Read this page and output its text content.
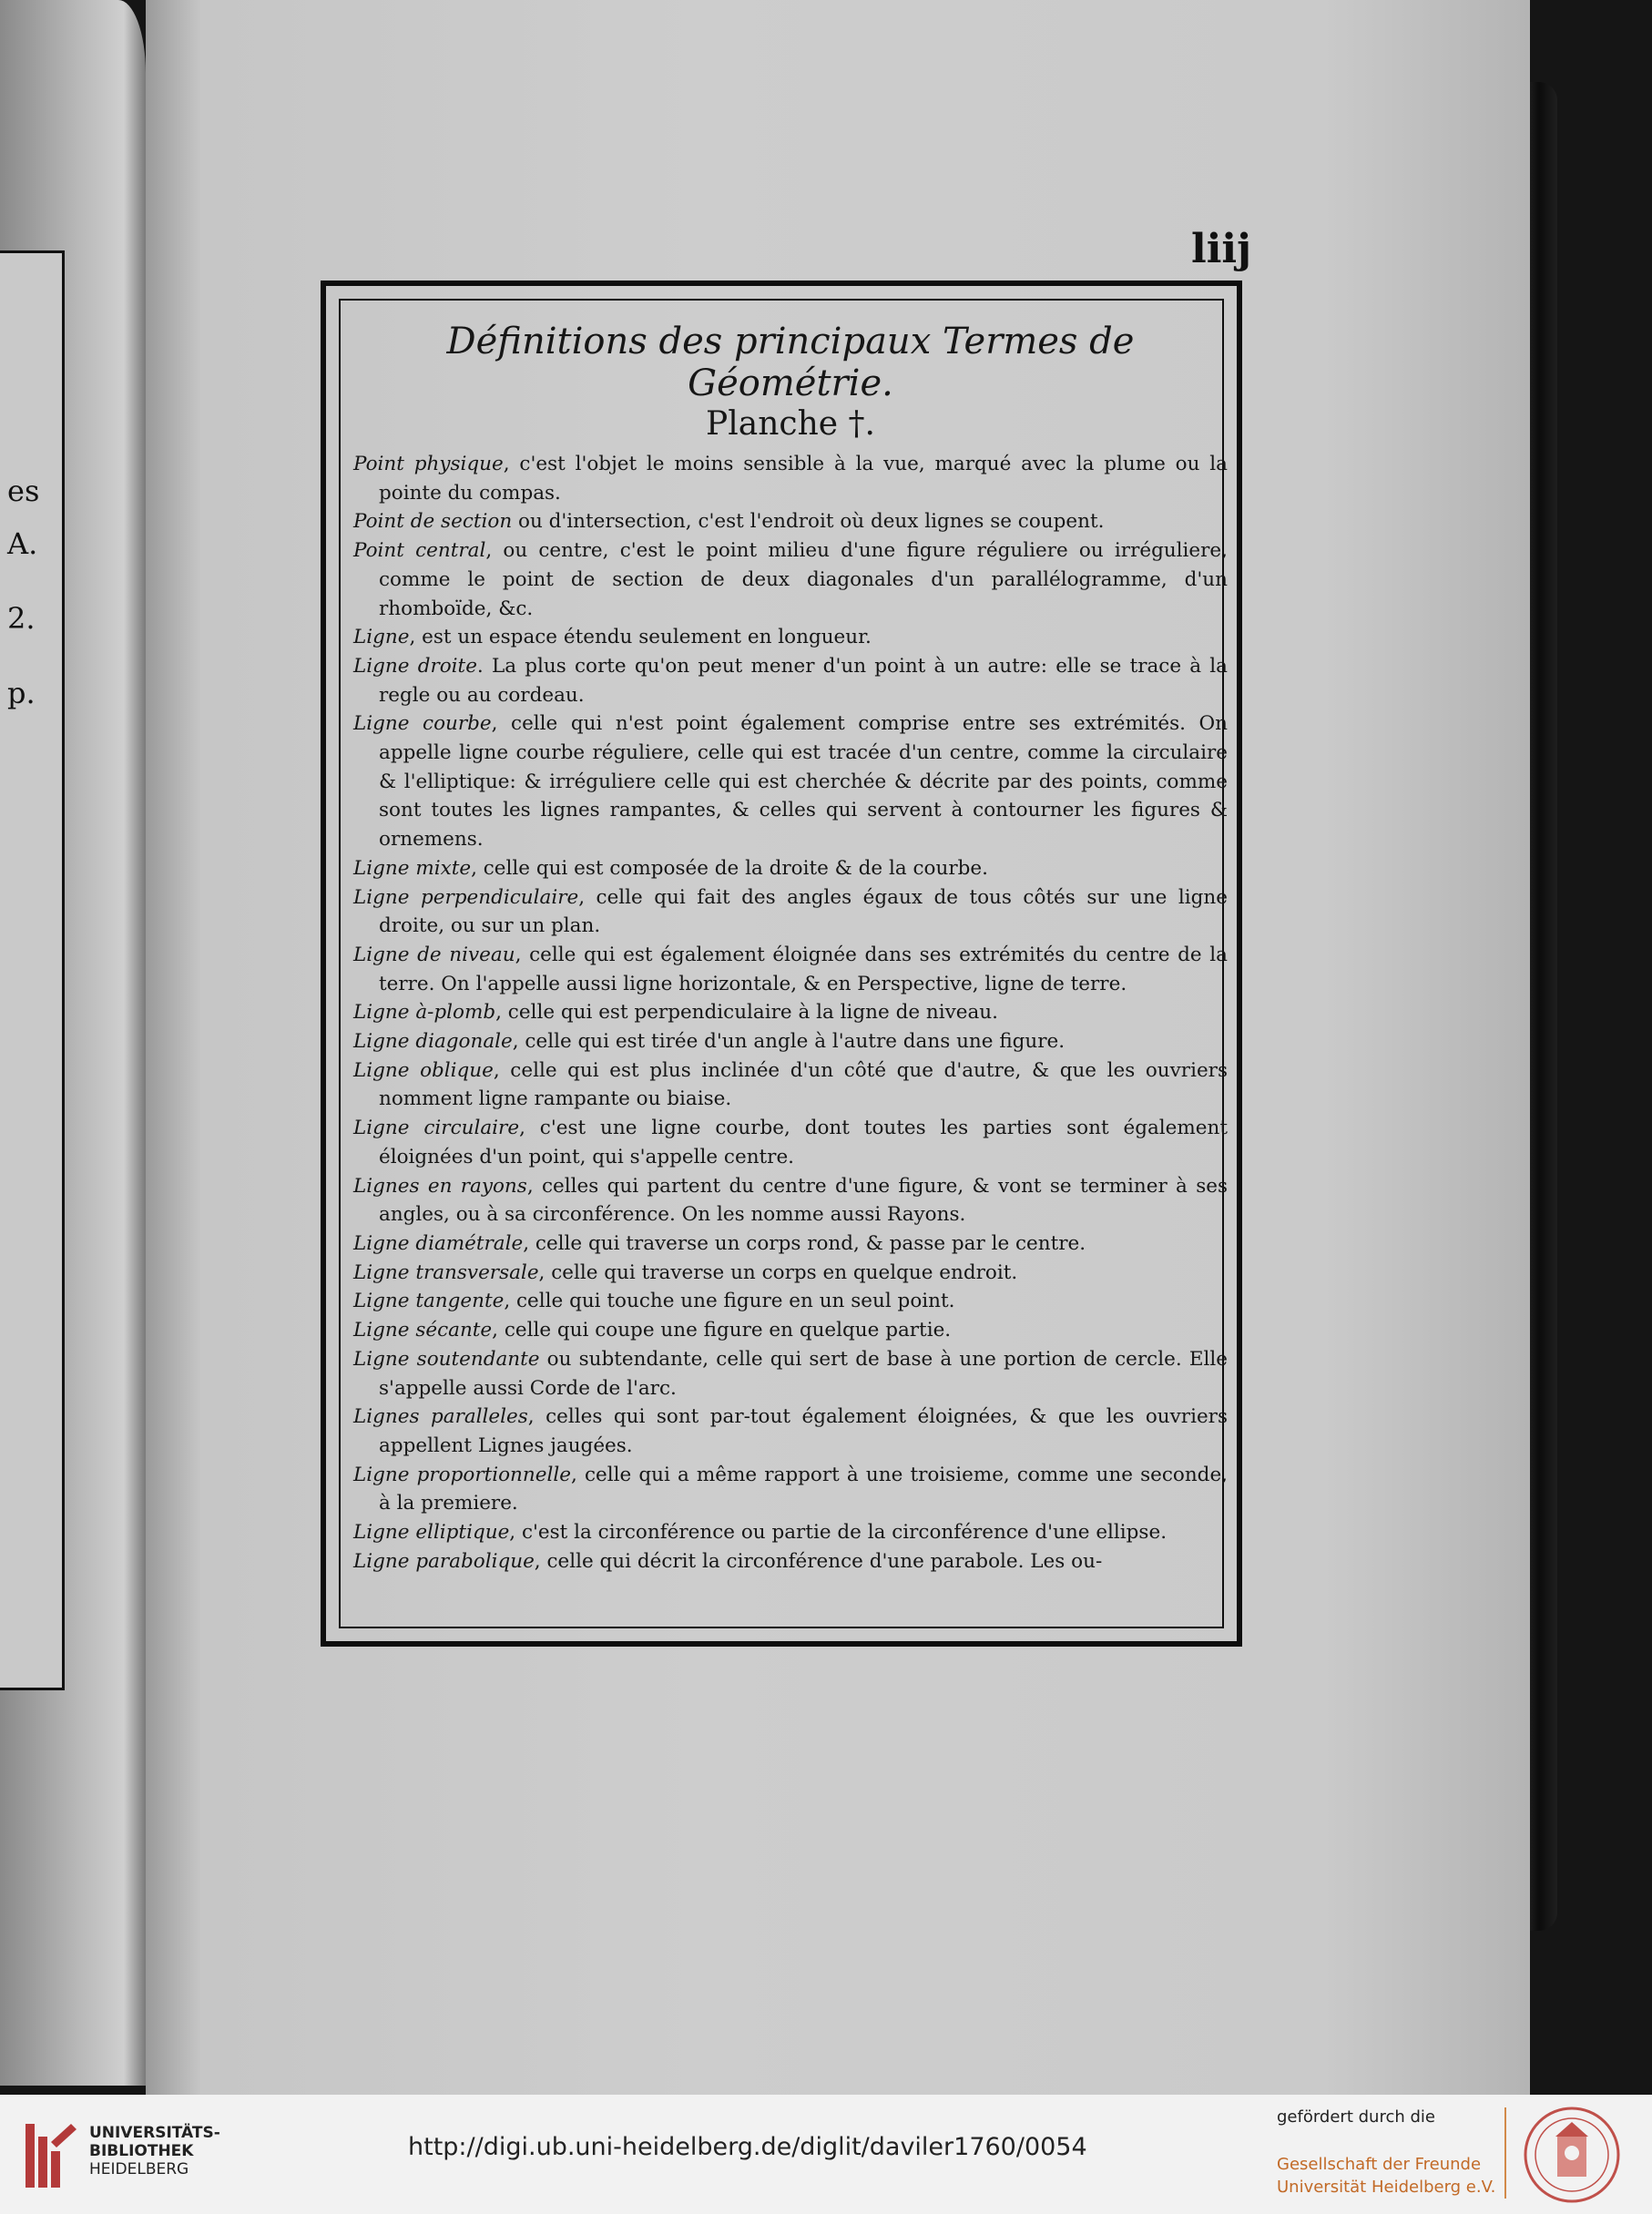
es
A.
2.
p.
liij

Définitions des principaux Termes de Géométrie.

Planche †.

Point physique, c'est l'objet le moins sensible à la vue, marqué avec la plume ou la pointe du compas.

Point de section ou d'intersection, c'est l'endroit où deux lignes se coupent.

Point central, ou centre, c'est le point milieu d'une figure réguliere ou irréguliere, comme le point de section de deux diagonales d'un parallélogramme, d'un rhomboïde, &c.

Ligne, est un espace étendu seulement en longueur.

Ligne droite. La plus corte qu'on peut mener d'un point à un autre: elle se trace à la regle ou au cordeau.

Ligne courbe, celle qui n'est point également comprise entre ses extrémités. On appelle ligne courbe réguliere, celle qui est tracée d'un centre, comme la circulaire & l'elliptique: & irréguliere celle qui est cherchée & décrite par des points, comme sont toutes les lignes rampantes, & celles qui servent à contourner les figures & ornemens.

Ligne mixte, celle qui est composée de la droite & de la courbe.

Ligne perpendiculaire, celle qui fait des angles égaux de tous côtés sur une ligne droite, ou sur un plan.

Ligne de niveau, celle qui est également éloignée dans ses extrémités du centre de la terre. On l'appelle aussi ligne horizontale, & en Perspective, ligne de terre.

Ligne à-plomb, celle qui est perpendiculaire à la ligne de niveau.

Ligne diagonale, celle qui est tirée d'un angle à l'autre dans une figure.

Ligne oblique, celle qui est plus inclinée d'un côté que d'autre, & que les ouvriers nomment ligne rampante ou biaise.

Ligne circulaire, c'est une ligne courbe, dont toutes les parties sont également éloignées d'un point, qui s'appelle centre.

Lignes en rayons, celles qui partent du centre d'une figure, & vont se terminer à ses angles, ou à sa circonférence. On les nomme aussi Rayons.

Ligne diamétrale, celle qui traverse un corps rond, & passe par le centre.

Ligne transversale, celle qui traverse un corps en quelque endroit.

Ligne tangente, celle qui touche une figure en un seul point.

Ligne sécante, celle qui coupe une figure en quelque partie.

Ligne soutendante ou subtendante, celle qui sert de base à une portion de cercle. Elle s'appelle aussi Corde de l'arc.

Lignes paralleles, celles qui sont par-tout également éloignées, & que les ouvriers appellent Lignes jaugées.

Ligne proportionnelle, celle qui a même rapport à une troisieme, comme une seconde, à la premiere.

Ligne elliptique, c'est la circonférence ou partie de la circonférence d'une ellipse.

Ligne parabolique, celle qui décrit la circonférence d'une parabole. Les ou-

UNIVERSITÄTS-
BIBLIOTHEK
HEIDELBERG
http://digi.ub.uni-heidelberg.de/diglit/daviler1760/0054
gefördert durch die
Gesellschaft der Freunde
Universität Heidelberg e.V.
